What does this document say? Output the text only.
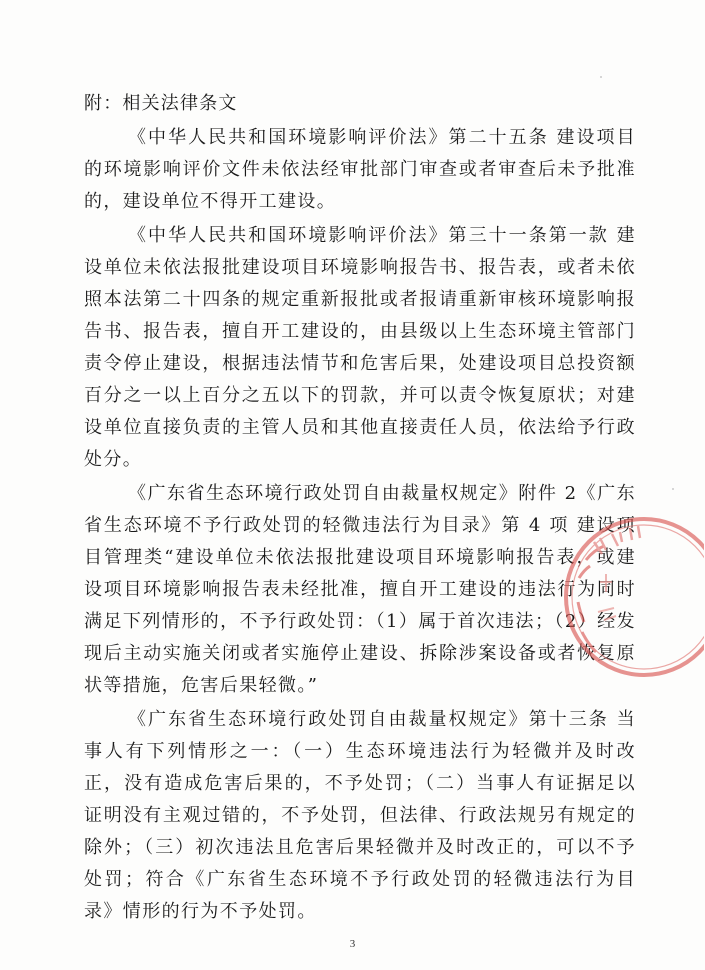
附：相关法律条文

《中华人民共和国环境影响评价法》第二十五条 建设项目的环境影响评价文件未依法经审批部门审查或者审查后未予批准的，建设单位不得开工建设。

《中华人民共和国环境影响评价法》第三十一条第一款 建设单位未依法报批建设项目环境影响报告书、报告表，或者未依照本法第二十四条的规定重新报批或者报请重新审核环境影响报告书、报告表，擅自开工建设的，由县级以上生态环境主管部门责令停止建设，根据违法情节和危害后果，处建设项目总投资额百分之一以上百分之五以下的罚款，并可以责令恢复原状；对建设单位直接负责的主管人员和其他直接责任人员，依法给予行政处分。

《广东省生态环境行政处罚自由裁量权规定》附件 2《广东省生态环境不予行政处罚的轻微违法行为目录》第 4 项 建设项目管理类“建设单位未依法报批建设项目环境影响报告表，或建设项目环境影响报告表未经批准，擅自开工建设的违法行为同时满足下列情形的，不予行政处罚：（1）属于首次违法；（2）经发现后主动实施关闭或者实施停止建设、拆除涉案设备或者恢复原状等措施，危害后果轻微。”

《广东省生态环境行政处罚自由裁量权规定》第十三条 当事人有下列情形之一：（一）生态环境违法行为轻微并及时改正，没有造成危害后果的，不予处罚；（二）当事人有证据足以证明没有主观过错的，不予处罚，但法律、行政法规另有规定的除外；（三）初次违法且危害后果轻微并及时改正的，可以不予处罚；符合《广东省生态环境不予行政处罚的轻微违法行为目录》情形的行为不予处罚。

3
